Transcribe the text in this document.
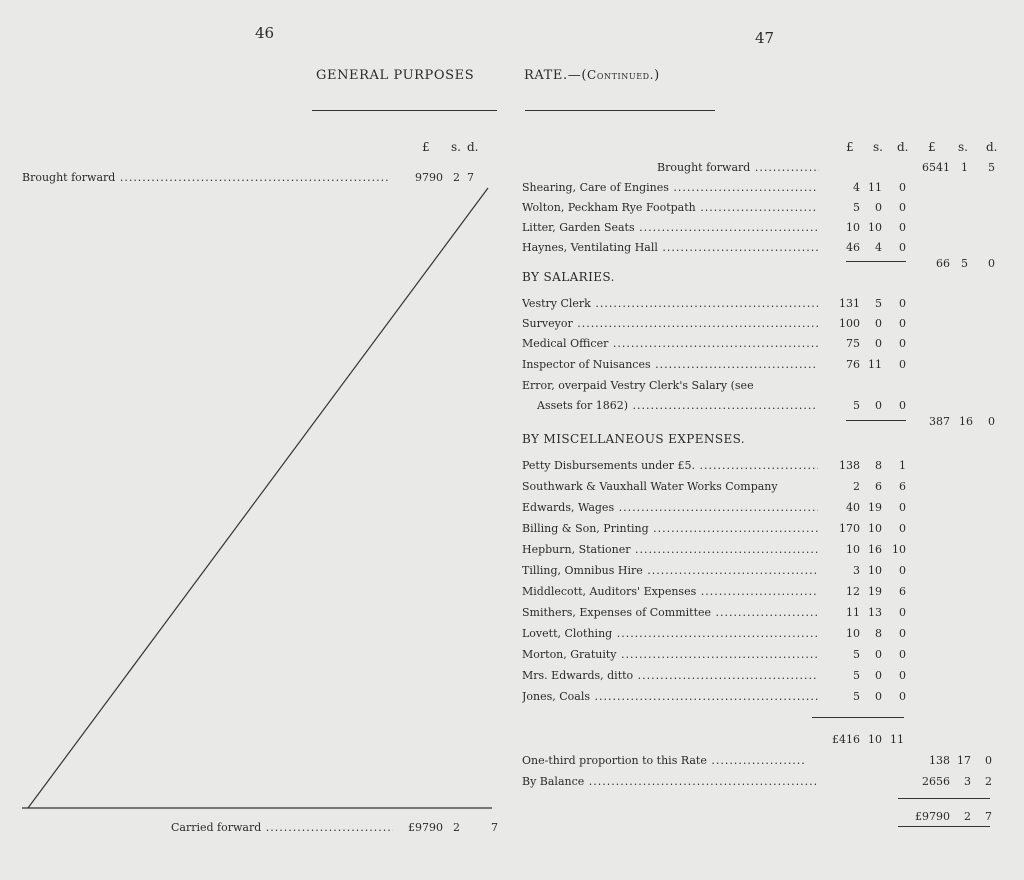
46	47
GENERAL PURPOSES	RATE.—(Continued.)
£ s. d.
Brought forward .....	9790 2 7
Carried forward .....	£9790 2	7
£ s. d. £ s. d.
Brought forward .....	6541 1	5
Shearing, Care of Engines .....	4 11	0
Wolton, Peckham Rye Footpath .....	5	0	0
Litter, Garden Seats .....	10 10	0
Haynes, Ventilating Hall .....	46	4	0
66 5	0
BY SALARIES.
Vestry Clerk .....	131	5	0
Surveyor .....	100	0	0
Medical Officer .....	75	0	0
Inspector of Nuisances .....	76 11	0
Error, overpaid Vestry Clerk's Salary (see
Assets for 1862) .....	5	0	0
387 16	0
BY MISCELLANEOUS EXPENSES.
Petty Disbursements under £5. .....	138	8	1
Southwark & Vauxhall Water Works Company	2	6	6
Edwards, Wages .....	40 19	0
Billing & Son, Printing .....	170 10	0
Hepburn, Stationer .....	10 16 10
Tilling, Omnibus Hire .....	3 10	0
Middlecott, Auditors' Expenses .....	12 19	6
Smithers, Expenses of Committee .....	11 13	0
Lovett, Clothing .....	10	8	0
Morton, Gratuity .....	5	0	0
Mrs. Edwards, ditto .....	5	0	0
Jones, Coals .....	5	0	0
£416 10 11
One-third proportion to this Rate .....	138 17	0
By Balance .....	2656	3	2
£9790	2	7
